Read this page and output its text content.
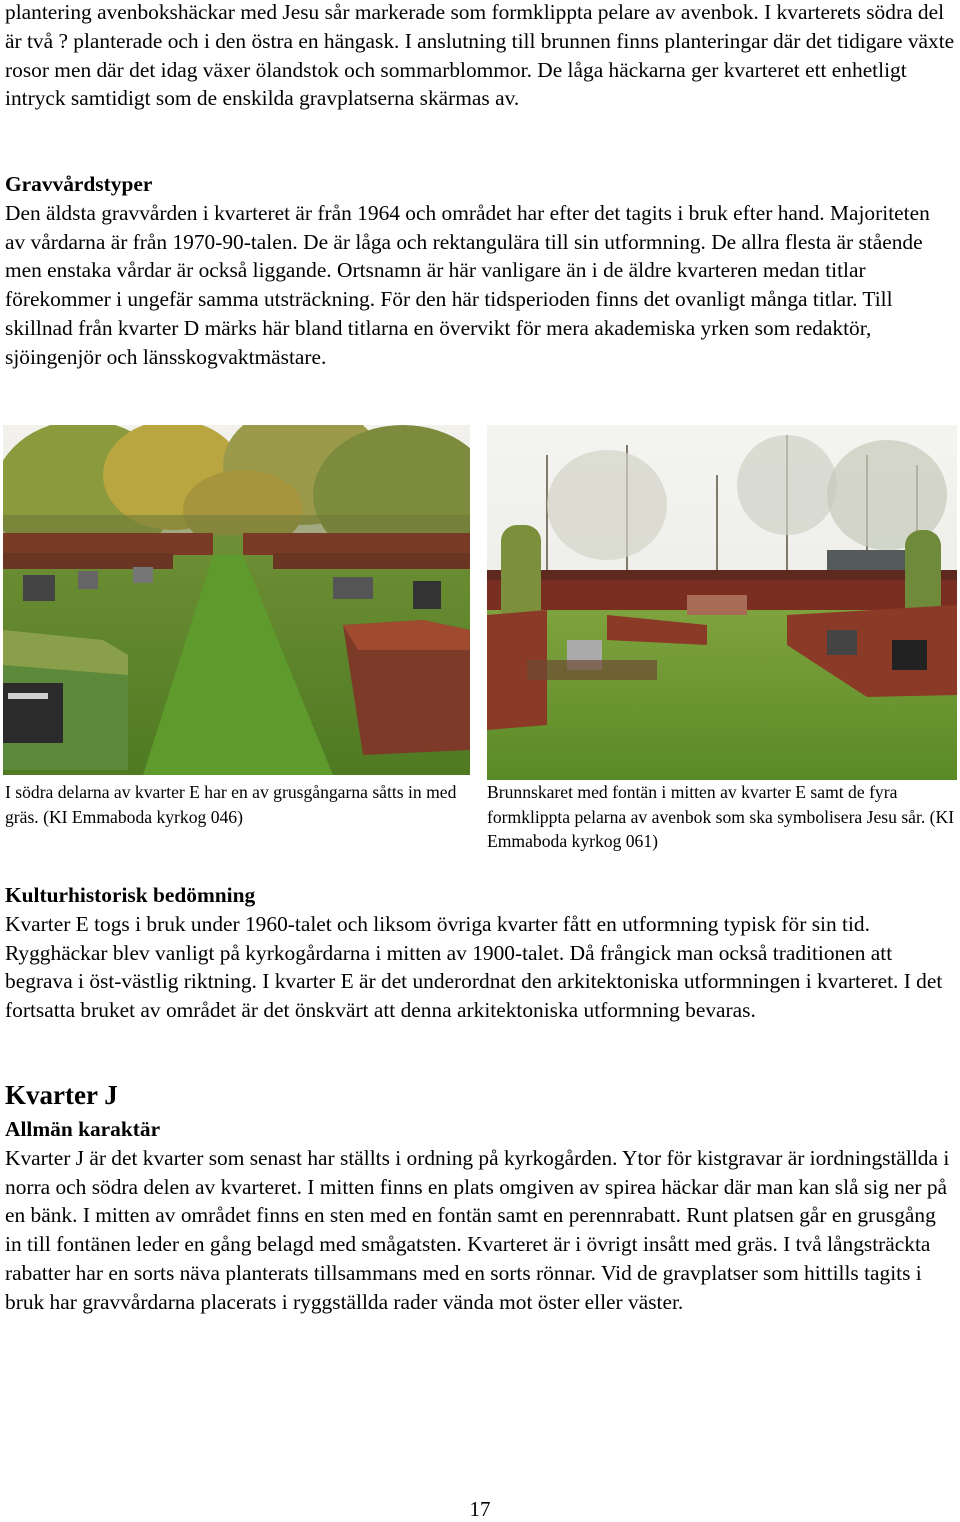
plantering avenbokshäckar med Jesu sår markerade som formklippta pelare av avenbok. I kvarterets södra del är två ? planterade och i den östra en hängask. I anslutning till brunnen finns planteringar där det tidigare växte rosor men där det idag växer ölandstok och sommarblommor. De låga häckarna ger kvarteret ett enhetligt intryck samtidigt som de enskilda gravplatserna skärmas av.

Gravvårdstyper
Den äldsta gravvården i kvarteret är från 1964 och området har efter det tagits i bruk efter hand. Majoriteten av vårdarna är från 1970-90-talen. De är låga och rektangulära till sin utformning. De allra flesta är stående men enstaka vårdar är också liggande. Ortsnamn är här vanligare än i de äldre kvarteren medan titlar förekommer i ungefär samma utsträckning. För den här tidsperioden finns det ovanligt många titlar. Till skillnad från kvarter D märks här bland titlarna en övervikt för mera akademiska yrken som redaktör, sjöingenjör och länsskogvaktmästare.

I södra delarna av kvarter E har en av grusgångarna såtts in med gräs. (KI Emmaboda kyrkog 046)

Brunnskaret med fontän i mitten av kvarter E samt de fyra formklippta pelarna av avenbok som ska symbolisera Jesu sår. (KI Emmaboda kyrkog 061)

Kulturhistorisk bedömning
Kvarter E togs i bruk under 1960-talet och liksom övriga kvarter fått en utformning typisk för sin tid. Rygghäckar blev vanligt på kyrkogårdarna i mitten av 1900-talet. Då frångick man också traditionen att begrava i öst-västlig riktning. I kvarter E är det underordnat den arkitektoniska utformningen i kvarteret. I det fortsatta bruket av området är det önskvärt att denna arkitektoniska utformning bevaras.
Kvarter J
Allmän karaktär
Kvarter J är det kvarter som senast har ställts i ordning på kyrkogården. Ytor för kistgravar är iordningställda i norra och södra delen av kvarteret. I mitten finns en plats omgiven av spirea häckar där man kan slå sig ner på en bänk. I mitten av området finns en sten med en fontän samt en perennrabatt. Runt platsen går en grusgång in till fontänen leder en gång belagd med smågatsten. Kvarteret är i övrigt insått med gräs. I två långsträckta rabatter har en sorts näva planterats tillsammans med en sorts rönnar. Vid de gravplatser som hittills tagits i bruk har gravvårdarna placerats i ryggställda rader vända mot öster eller väster.
17
